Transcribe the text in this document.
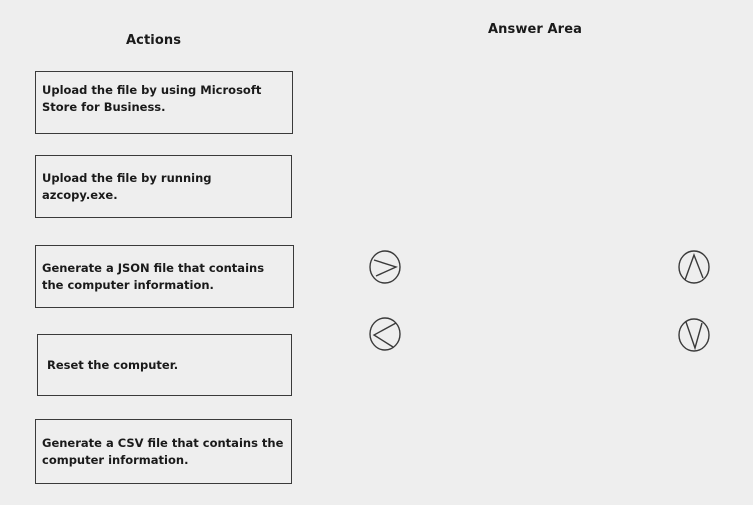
Actions
Answer Area
Upload the file by using Microsoft Store for Business.
Upload the file by running azcopy.exe.
Generate a JSON file that contains the computer information.
Reset the computer.
Generate a CSV file that contains the computer information.
